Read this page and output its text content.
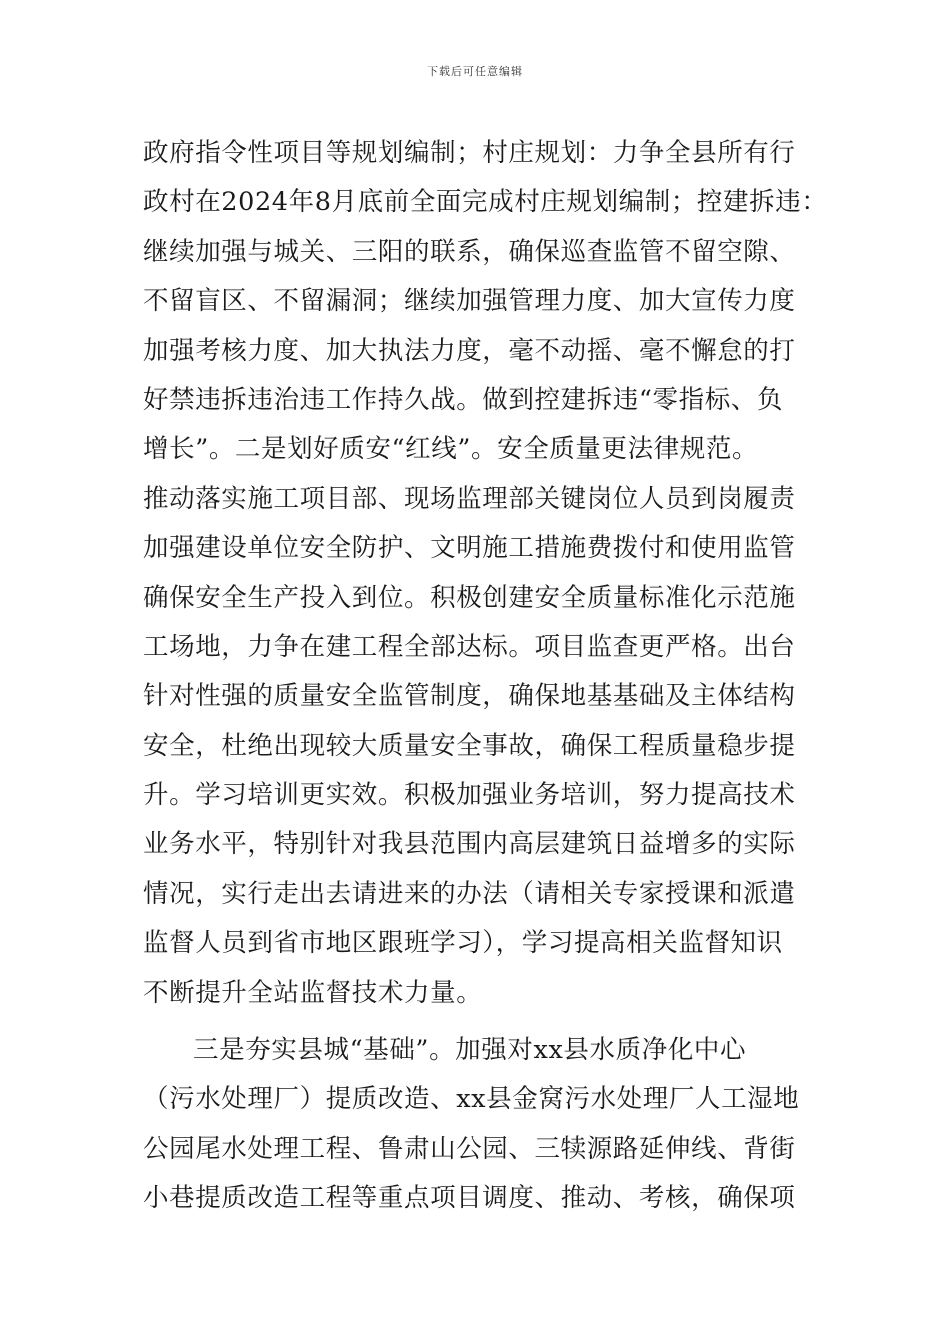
下载后可任意编辑
政府指令性项目等规划编制；村庄规划：力争全县所有行
政村在2024年8月底前全面完成村庄规划编制；控建拆违：
继续加强与城关、三阳的联系，确保巡查监管不留空隙、
不留盲区、不留漏洞；继续加强管理力度、加大宣传力度
加强考核力度、加大执法力度，毫不动摇、毫不懈怠的打
好禁违拆违治违工作持久战。做到控建拆违“零指标、负
增长”。二是划好质安“红线”。安全质量更法律规范。
推动落实施工项目部、现场监理部关键岗位人员到岗履责
加强建设单位安全防护、文明施工措施费拨付和使用监管
确保安全生产投入到位。积极创建安全质量标准化示范施
工场地，力争在建工程全部达标。项目监查更严格。出台
针对性强的质量安全监管制度，确保地基基础及主体结构
安全，杜绝出现较大质量安全事故，确保工程质量稳步提
升。学习培训更实效。积极加强业务培训，努力提高技术
业务水平，特别针对我县范围内高层建筑日益增多的实际
情况，实行走出去请进来的办法（请相关专家授课和派遣
监督人员到省市地区跟班学习），学习提高相关监督知识
不断提升全站监督技术力量。
三是夯实县城“基础”。加强对xx县水质净化中心
（污水处理厂）提质改造、xx县金窝污水处理厂人工湿地
公园尾水处理工程、鲁肃山公园、三犊源路延伸线、背街
小巷提质改造工程等重点项目调度、推动、考核，确保项
